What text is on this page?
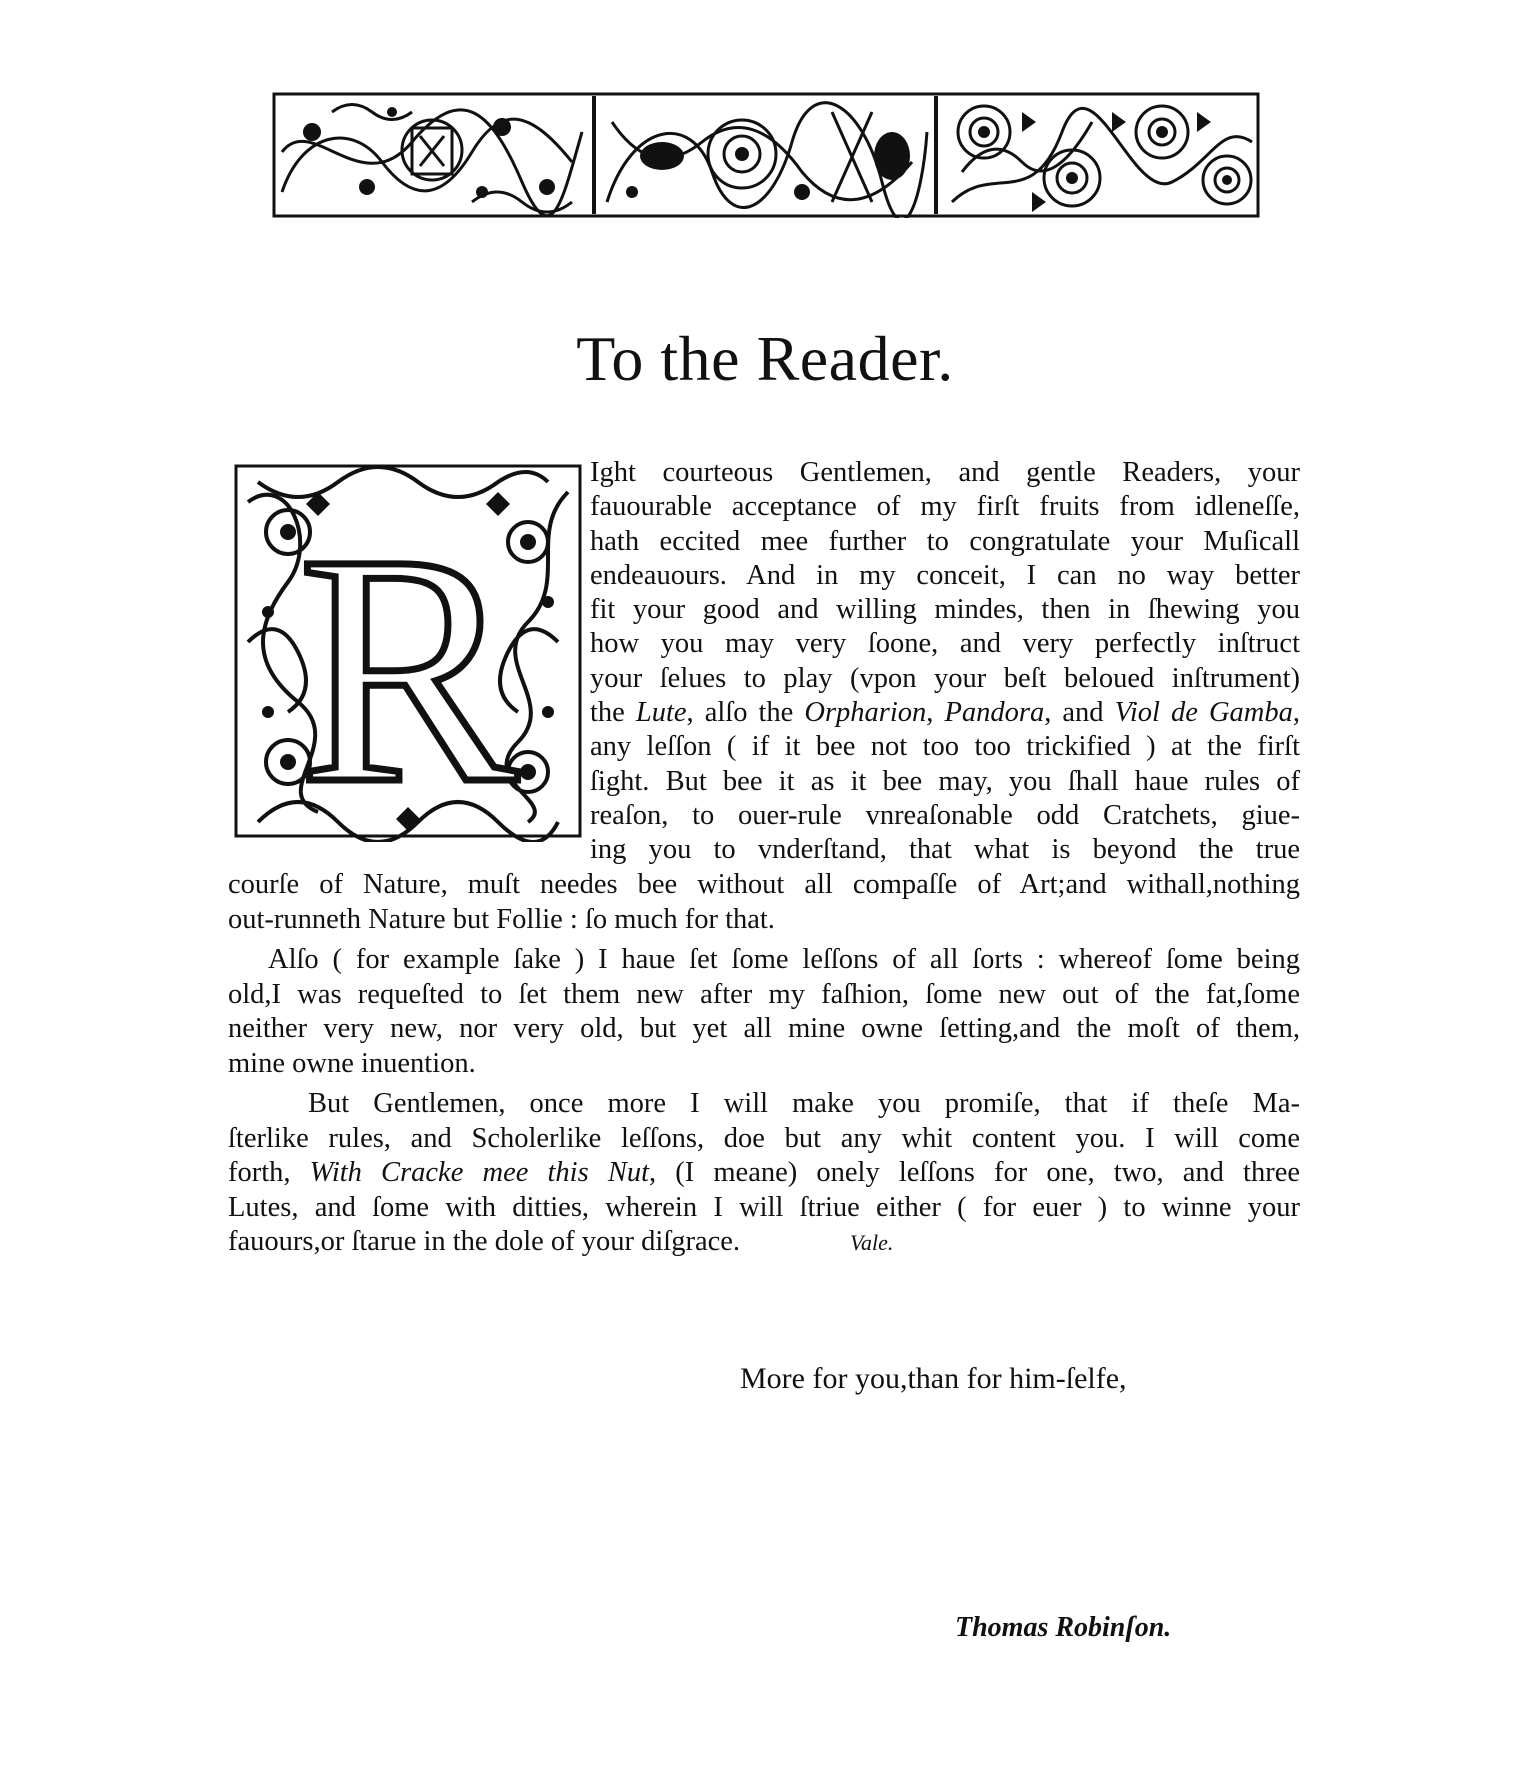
To the Reader.
R
Ight courteous Gentlemen, and gentle Readers, your
fauourable acceptance of my firſt fruits from idleneſſe,
hath eccited mee further to congratulate your Muſicall
endeauours. And in my conceit, I can no way better
fit your good and willing mindes, then in ſhewing you
how you may very ſoone, and very perfectly inſtruct
your ſelues to play (vpon your beſt beloued inſtrument)
the Lute, alſo the Orpharion, Pandora, and Viol de Gamba,
any leſſon ( if it bee not too too trickified ) at the firſt
ſight. But bee it as it bee may, you ſhall haue rules of
reaſon, to ouer-rule vnreaſonable odd Cratchets, giue-
ing you to vnderſtand, that what is beyond the true
courſe of Nature, muſt needes bee without all compaſſe of Art;and withall,nothing
out-runneth Nature but Follie : ſo much for that.
Alſo ( for example ſake ) I haue ſet ſome leſſons of all ſorts : whereof ſome being
old,I was requeſted to ſet them new after my faſhion, ſome new out of the fat,ſome
neither very new, nor very old, but yet all mine owne ſetting,and the moſt of them,
mine owne inuention.
But Gentlemen, once more I will make you promiſe, that if theſe Ma-
ſterlike rules, and Scholerlike leſſons, doe but any whit content you. I will come
forth, With Cracke mee this Nut, (I meane) onely leſſons for one, two, and three
Lutes, and ſome with ditties, wherein I will ſtriue either ( for euer ) to winne your
fauours,or ſtarue in the dole of your diſgrace.	Vale.
More for you,than for him-ſelfe,
Thomas Robinſon.
